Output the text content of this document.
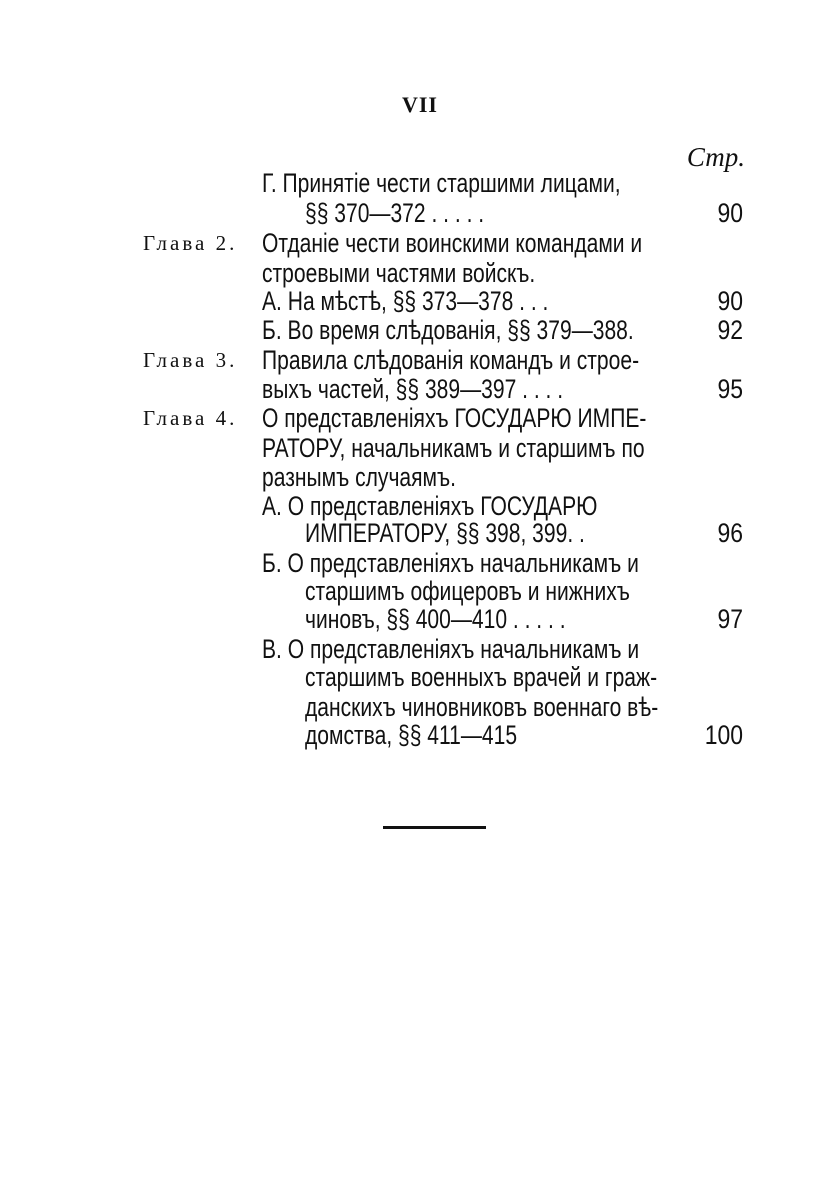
VII
Стр.
Г. Принятіе чести старшими лицами,
§§ 370—372 . . . . .	90
Глава 2. Отданіе чести воинскими командами и
строевыми частями войскъ.
А. На мѣстѣ, §§ 373—378 . . .	90
Б. Во время слѣдованія, §§ 379—388.	92
Глава 3. Правила слѣдованія командъ и строе-
выхъ частей, §§ 389—397 . . . .	95
Глава 4. О представленіяхъ ГОСУДАРЮ ИМПЕ-
РАТОРУ, начальникамъ и старшимъ по
разнымъ случаямъ.
А. О представленіяхъ ГОСУДАРЮ
ИМПЕРАТОРУ, §§ 398, 399. .	96
Б. О представленіяхъ начальникамъ и
старшимъ офицеровъ и нижнихъ
чиновъ, §§ 400—410 . . . . .	97
В. О представленіяхъ начальникамъ и
старшимъ военныхъ врачей и граж-
данскихъ чиновниковъ военнаго вѣ-
домства, §§ 411—415	100
